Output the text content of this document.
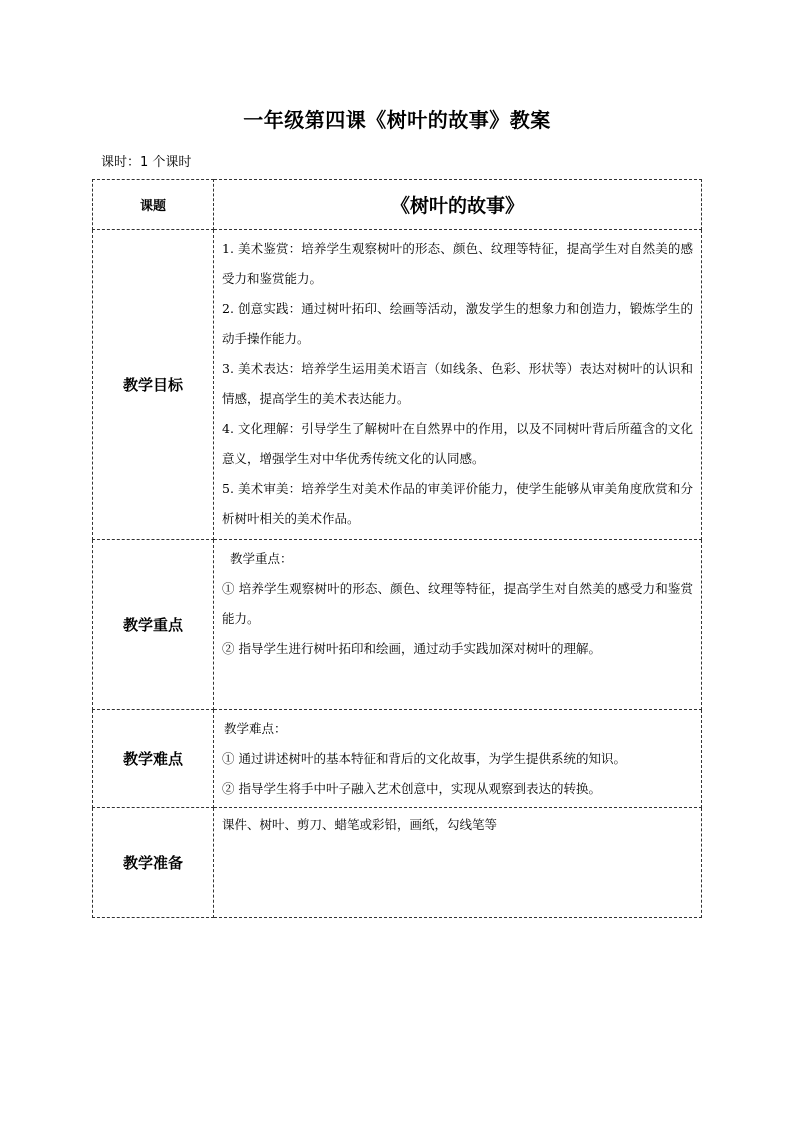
一年级第四课《树叶的故事》教案
课时：1 个课时
课题	《树叶的故事》
教学目标	1. 美术鉴赏：培养学生观察树叶的形态、颜色、纹理等特征，提高学生对自然美的感受力和鉴赏能力。

2. 创意实践：通过树叶拓印、绘画等活动，激发学生的想象力和创造力，锻炼学生的动手操作能力。

3. 美术表达：培养学生运用美术语言（如线条、色彩、形状等）表达对树叶的认识和情感，提高学生的美术表达能力。

4. 文化理解：引导学生了解树叶在自然界中的作用，以及不同树叶背后所蕴含的文化意义，增强学生对中华优秀传统文化的认同感。

5. 美术审美：培养学生对美术作品的审美评价能力，使学生能够从审美角度欣赏和分析树叶相关的美术作品。

教学重点	教学重点：

① 培养学生观察树叶的形态、颜色、纹理等特征，提高学生对自然美的感受力和鉴赏能力。

② 指导学生进行树叶拓印和绘画，通过动手实践加深对树叶的理解。

教学难点	教学难点：

① 通过讲述树叶的基本特征和背后的文化故事，为学生提供系统的知识。

② 指导学生将手中叶子融入艺术创意中，实现从观察到表达的转换。

教学准备	课件、树叶、剪刀、蜡笔或彩铅，画纸，勾线笔等
